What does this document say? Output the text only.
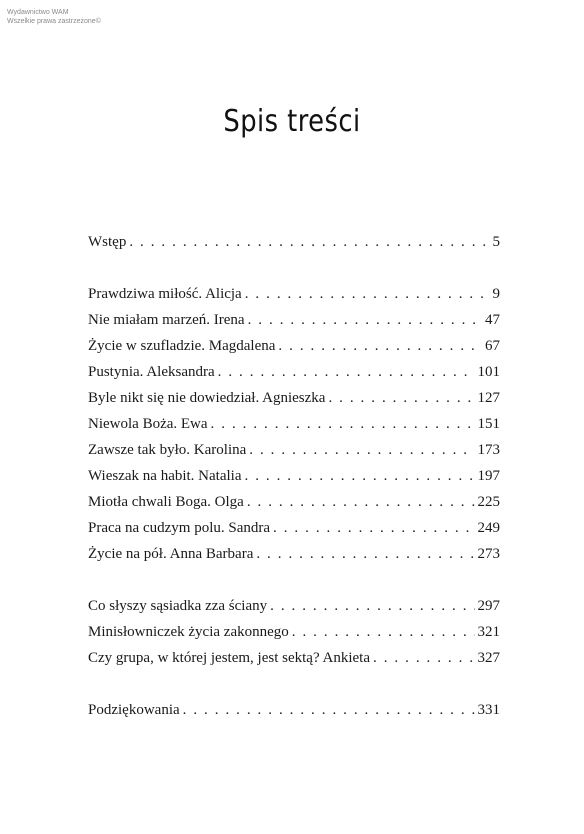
Wydawnictwo WAM
Wszelkie prawa zastrzeżone©
Spis treści
Wstęp . . .	5
Prawdziwa miłość. Alicja . . .	9
Nie miałam marzeń. Irena . . .	47
Życie w szufladzie. Magdalena . . .	67
Pustynia. Aleksandra . . .	101
Byle nikt się nie dowiedział. Agnieszka . . .	127
Niewola Boża. Ewa . . .	151
Zawsze tak było. Karolina . . .	173
Wieszak na habit. Natalia . . .	197
Miotła chwali Boga. Olga . . .	225
Praca na cudzym polu. Sandra . . .	249
Życie na pół. Anna Barbara . . .	273
Co słyszy sąsiadka zza ściany . . .	297
Minisłowniczek życia zakonnego . . .	321
Czy grupa, w której jestem, jest sektą? Ankieta . . .	327
Podziękowania . . .	331
